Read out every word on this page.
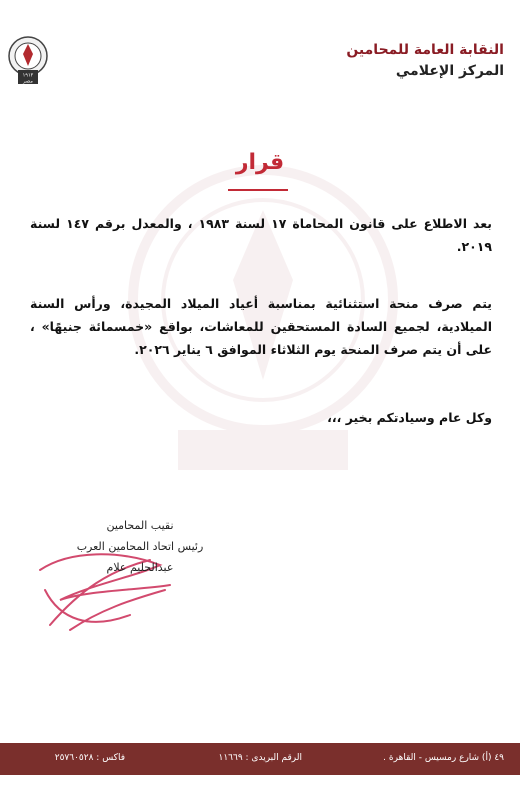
١٩١٢
مصر
النقابة العامة للمحامين
المركز الإعلامي
قرار
بعد الاطلاع على قانون المحاماة ١٧ لسنة ١٩٨٣ ، والمعدل برقم ١٤٧ لسنة ٢٠١٩.
يتم صرف منحة استثنائية بمناسبة أعياد الميلاد المجيدة، ورأس السنة الميلادية، لجميع السادة المستحقين للمعاشات، بواقع «خمسمائة جنيهًا» ، على أن يتم صرف المنحة يوم الثلاثاء الموافق ٦ يناير ٢٠٢٦.
وكل عام وسيادتكم بخير ،،،
نقيب المحامين
رئيس اتحاد المحامين العرب
عبدالحليم علام
٤٩ (أ) شارع رمسيس - القاهرة .
الرقم البريدى : ١١٦٦٩
فاكس : ٢٥٧٦٠٥٢٨
